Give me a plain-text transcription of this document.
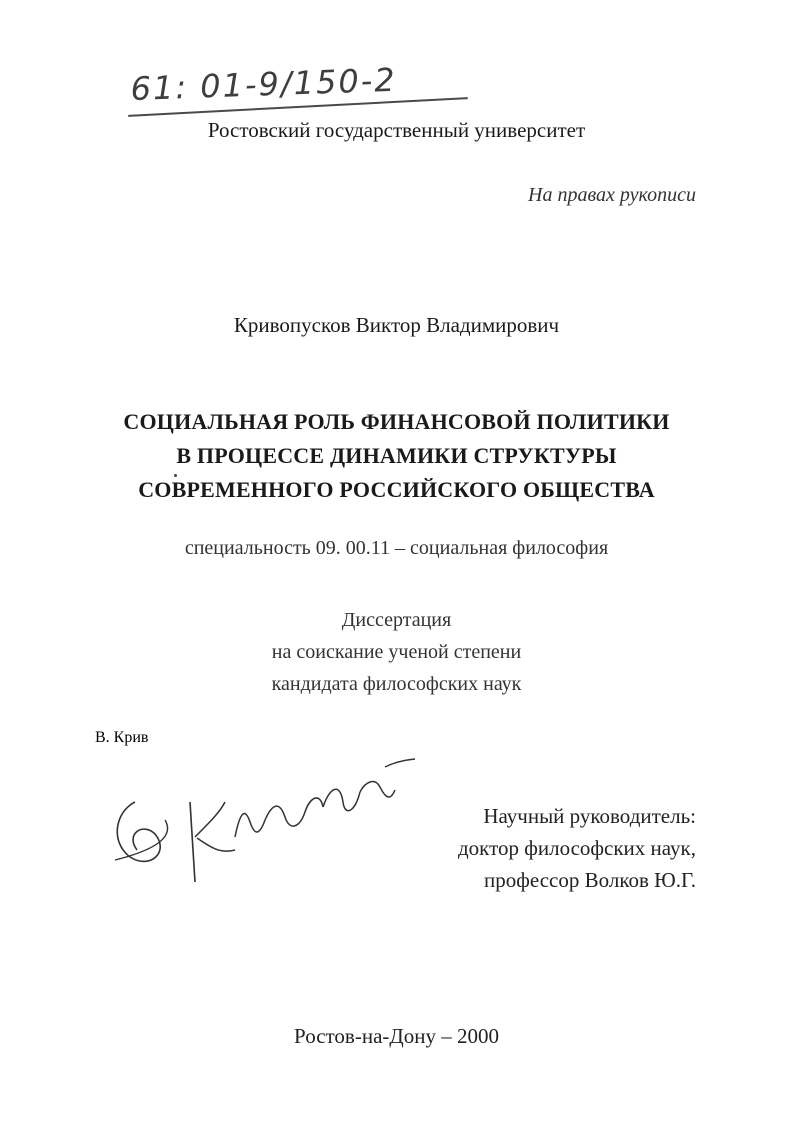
61: 01-9/150-2
Ростовский государственный университет
На правах рукописи
Кривопусков Виктор Владимирович
СОЦИАЛЬНАЯ РОЛЬ ФИНАНСОВОЙ ПОЛИТИКИ
В ПРОЦЕССЕ ДИНАМИКИ СТРУКТУРЫ
СОВРЕМЕННОГО РОССИЙСКОГО ОБЩЕСТВА
специальность 09. 00.11 – социальная философия
Диссертация
на соискание ученой степени
кандидата философских наук
В. Крив
Научный руководитель:
доктор философских наук,
профессор Волков Ю.Г.
Ростов-на-Дону – 2000
